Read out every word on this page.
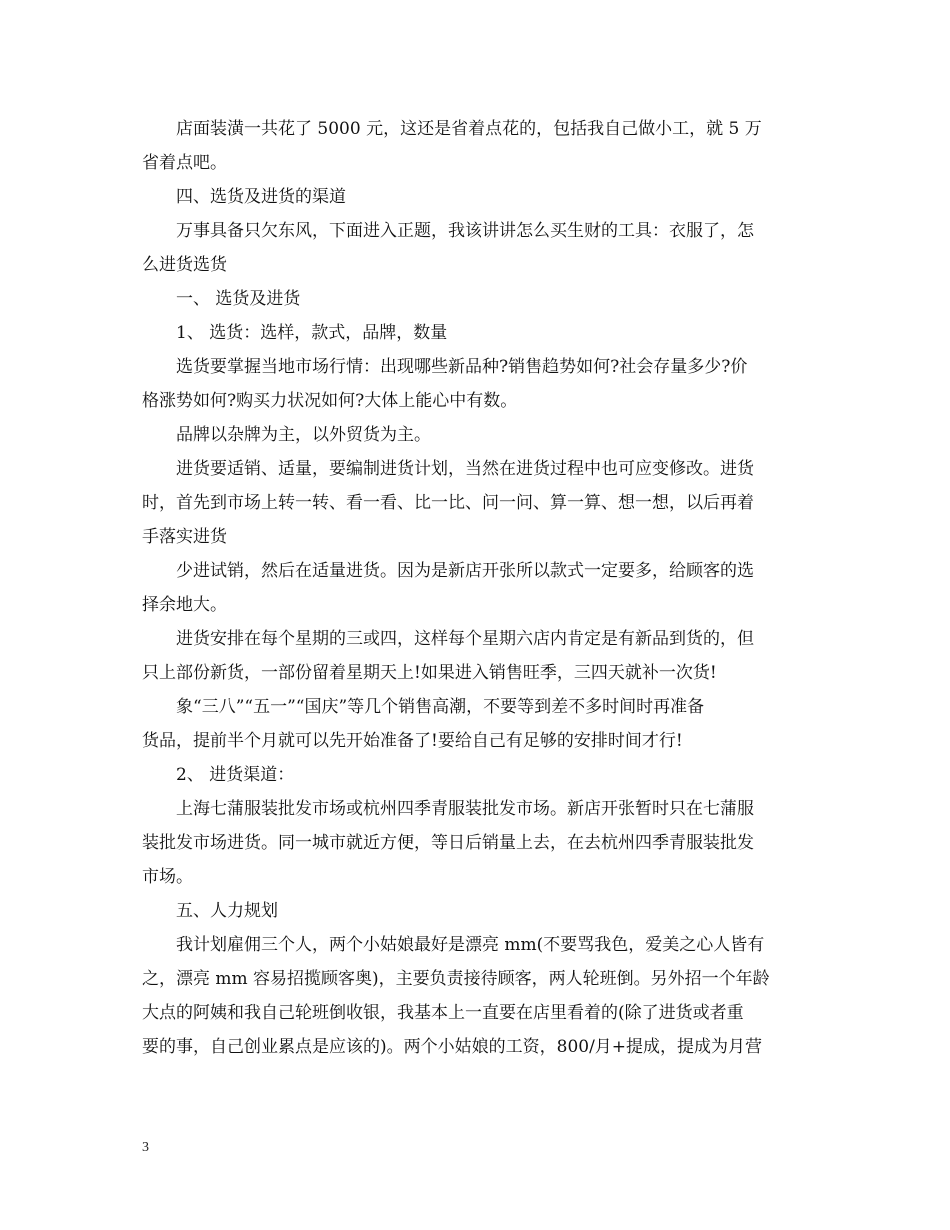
店面装潢一共花了 5000 元，这还是省着点花的，包括我自己做小工，就 5 万
省着点吧。
四、选货及进货的渠道
万事具备只欠东风，下面进入正题，我该讲讲怎么买生财的工具：衣服了，怎
么进货选货
一、 选货及进货
1、 选货：选样，款式，品牌，数量
选货要掌握当地市场行情：出现哪些新品种?销售趋势如何?社会存量多少?价
格涨势如何?购买力状况如何?大体上能心中有数。
品牌以杂牌为主，以外贸货为主。
进货要适销、适量，要编制进货计划，当然在进货过程中也可应变修改。进货
时，首先到市场上转一转、看一看、比一比、问一问、算一算、想一想，以后再着
手落实进货
少进试销，然后在适量进货。因为是新店开张所以款式一定要多，给顾客的选
择余地大。
进货安排在每个星期的三或四，这样每个星期六店内肯定是有新品到货的，但
只上部份新货，一部份留着星期天上!如果进入销售旺季，三四天就补一次货!
象“三八”“五一”“国庆”等几个销售高潮，不要等到差不多时间时再准备
货品，提前半个月就可以先开始准备了!要给自己有足够的安排时间才行!
2、 进货渠道：
上海七蒲服装批发市场或杭州四季青服装批发市场。新店开张暂时只在七蒲服
装批发市场进货。同一城市就近方便，等日后销量上去，在去杭州四季青服装批发
市场。
五、人力规划
我计划雇佣三个人，两个小姑娘最好是漂亮 mm(不要骂我色，爱美之心人皆有
之，漂亮 mm 容易招揽顾客奥)，主要负责接待顾客，两人轮班倒。另外招一个年龄
大点的阿姨和我自己轮班倒收银，我基本上一直要在店里看着的(除了进货或者重
要的事，自己创业累点是应该的)。两个小姑娘的工资，800/月+提成，提成为月营
3
